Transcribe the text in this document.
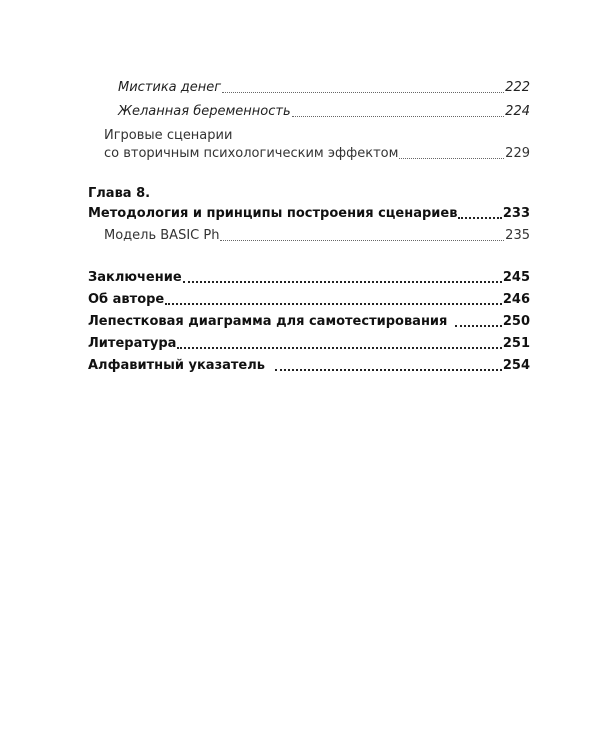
Мистика денег	222
Желанная беременность	224
Игровые сценарии
со вторичным психологическим эффектом	229
Глава 8.
Методология и принципы построения сценариев	233
Модель BASIC Ph	235
Заключение	245
Об авторе	246
Лепестковая диаграмма для самотестирования	250
Литература	251
Алфавитный указатель	254
